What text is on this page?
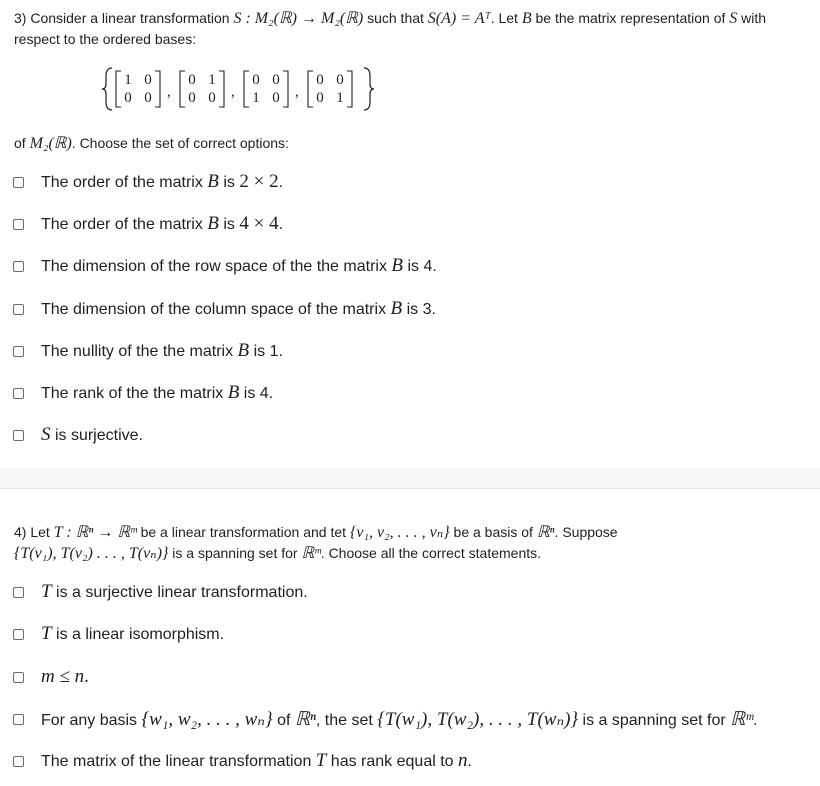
3) Consider a linear transformation S : M₂(ℝ) → M₂(ℝ) such that S(A) = Aᵀ. Let B be the matrix representation of S with
respect to the ordered bases:
1 0
0 0 ,
0 1
0 0 ,
0 0
1 0 ,
0 0
0 1
of M₂(ℝ). Choose the set of correct options:
The order of the matrix B is 2 × 2.
The order of the matrix B is 4 × 4.
The dimension of the row space of the the matrix B is 4.
The dimension of the column space of the matrix B is 3.
The nullity of the the matrix B is 1.
The rank of the the matrix B is 4.
S is surjective.
4) Let T : ℝⁿ → ℝᵐ be a linear transformation and tet {v₁, v₂, . . . , vₙ} be a basis of ℝⁿ. Suppose
{T(v₁), T(v₂) . . . , T(vₙ)} is a spanning set for ℝᵐ. Choose all the correct statements.
T is a surjective linear transformation.
T is a linear isomorphism.
m ≤ n.
For any basis {w₁, w₂, . . . , wₙ} of ℝⁿ, the set {T(w₁), T(w₂), . . . , T(wₙ)} is a spanning set for ℝᵐ.
The matrix of the linear transformation T has rank equal to n.
